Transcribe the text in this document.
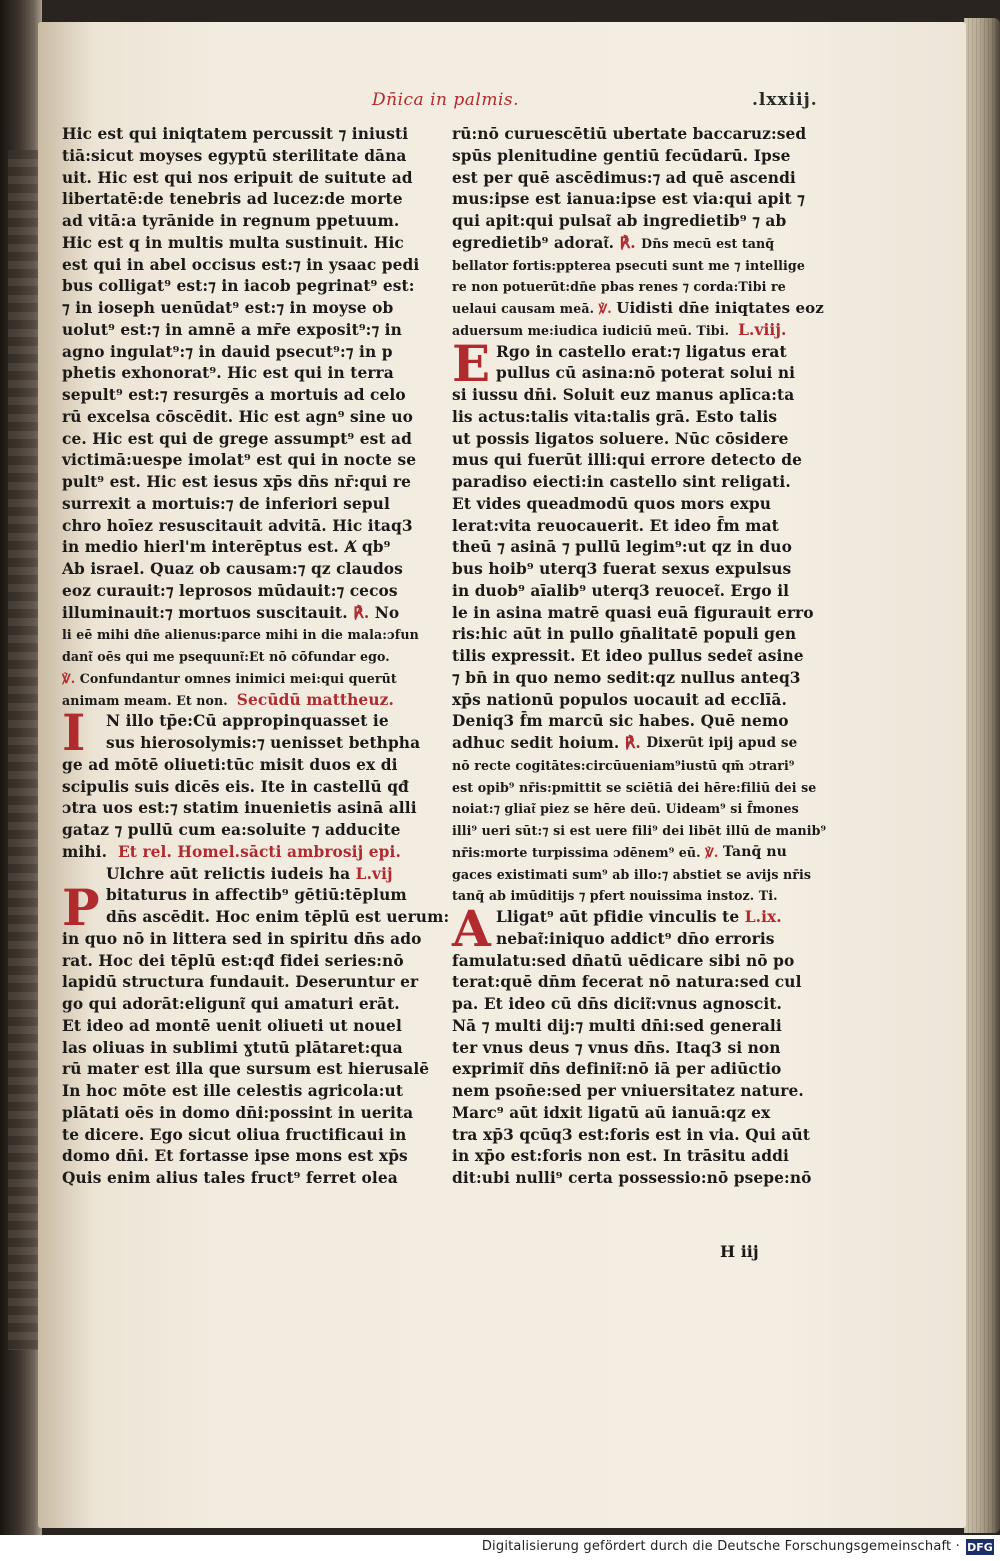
Dn̄ica in palmis.	.lxxiij.
Hic est qui iniqtatem percussit ⁊ iniusti
tiā:sicut moyses egyptū sterilitate dāna
uit. Hic est qui nos eripuit de suitute ad
libertatē:de tenebris ad lucez:de morte
ad vitā:a tyrānide in regnum ppetuum.
Hic est q in multis multa sustinuit. Hic
est qui in abel occisus est:⁊ in ysaac pedi
bus colligat⁹ est:⁊ in iacob pegrinat⁹ est:
⁊ in ioseph uenūdat⁹ est:⁊ in moyse ob
uolut⁹ est:⁊ in amnē a mr̄e exposit⁹:⁊ in
agno ingulat⁹:⁊ in dauid psecut⁹:⁊ in p
phetis exhonorat⁹. Hic est qui in terra
sepult⁹ est:⁊ resurgēs a mortuis ad celo
rū excelsa cōscēdit. Hic est agn⁹ sine uo
ce. Hic est qui de grege assumpt⁹ est ad
victimā:uespe imolat⁹ est qui in nocte se
pult⁹ est. Hic est iesus xp̄s dn̄s nr̄:qui re
surrexit a mortuis:⁊ de inferiori sepul
chro hoīez resuscitauit advitā. Hic itaq3
in medio hierl'm interēptus est. Ⱥ qb⁹
Ab israel. Quaz ob causam:⁊ qz claudos
eoz curauit:⁊ leprosos mūdauit:⁊ cecos
illuminauit:⁊ mortuos suscitauit.
℟.
No
li eē mihi dn̄e alienus:parce mihi in die mala:ɔfun
dant͂ oēs qui me psequunt͂:Et nō cōfundar ego.
℣.
Confundantur omnes inimici mei:qui querūt
animam meam. Et non.
Secūdū mattheuz.
I	N illo tp̄e:Cū appropinquasset ie
sus hierosolymis:⁊ uenisset bethpha
ge ad mōtē oliueti:tūc misit duos ex di
scipulis suis dicēs eis. Ite in castellū qđ
ɔtra uos est:⁊ statim inuenietis asinā alli
gataz ⁊ pullū cum ea:soluite ⁊ adducite
mihi.
Et rel. Homel.sācti ambrosij epi.
P
Ulchre aūt relictis iudeis ha
L.vij
bitaturus in affectib⁹ gētiū:tēplum
dn̄s ascēdit. Hoc enim tēplū est uerum:
in quo nō in littera sed in spiritu dn̄s ado
rat. Hoc dei tēplū est:qđ fidei series:nō
lapidū structura fundauit. Deseruntur er
go qui adorāt:eligunt͂ qui amaturi erāt.
Et ideo ad montē uenit oliueti ut nouel
las oliuas in sublimi ɣtutū plātaret:qua
rū mater est illa que sursum est hierusalē
In hoc mōte est ille celestis agricola:ut
plātati oēs in domo dn̄i:possint in uerita
te dicere. Ego sicut oliua fructificaui in
domo dn̄i. Et fortasse ipse mons est xp̄s
Quis enim alius tales fruct⁹ ferret olea
rū:nō curuescētiū ubertate baccaruz:sed
spūs plenitudine gentiū fecūdarū. Ipse
est per quē ascēdimus:⁊ ad quē ascendi
mus:ipse est ianua:ipse est via:qui apit ⁊
qui apit:qui pulsat͂ ab ingredietib⁹ ⁊ ab
egredietib⁹ adorat͂.
℟.
Dn̄s mecū est tanq̄
bellator fortis:ppterea psecuti sunt me ⁊ intellige
re non potuerūt:dn̄e pbas renes ⁊ corda:Tibi re
uelaui causam meā.
℣.
Uidisti dn̄e iniqtates eoz
aduersum me:iudica iudiciū meū. Tibi.
L.viij.
E Rgo in castello erat:⁊ ligatus erat
pullus cū asina:nō poterat solui ni
si iussu dn̄i. Soluit euz manus aplīca:ta
lis actus:talis vita:talis grā. Esto talis
ut possis ligatos soluere. Nūc cōsidere
mus qui fuerūt illi:qui errore detecto de
paradiso eiecti:in castello sint religati.
Et vides queadmodū quos mors expu
lerat:vita reuocauerit. Et ideo f̄m mat
theū ⁊ asinā ⁊ pullū legim⁹:ut qz in duo
bus hoib⁹ uterq3 fuerat sexus expulsus
in duob⁹ aīalib⁹ uterq3 reuocet͂. Ergo il
le in asina matrē quasi euā figurauit erro
ris:hic aūt in pullo gn̄alitatē populi gen
tilis expressit. Et ideo pullus sedet͂ asine
⁊ bn̄ in quo nemo sedit:qz nullus anteq3
xp̄s nationū populos uocauit ad ecclīā.
Deniq3 f̄m marcū sic habes. Quē nemo
adhuc sedit hoium.
℟.
Dixerūt ipij apud se
nō recte cogitātes:circūueniam⁹iustū qm̄ ɔtrari⁹
est opib⁹ nr̄is:pmittit se sciētiā dei hēre:filiū dei se
noiat:⁊ gliat͂ piez se hēre deū. Uideam⁹ si f̄mones
illi⁹ ueri sūt:⁊ si est uere fili⁹ dei libēt illū de manib⁹
nr̄is:morte turpissima ɔdēnem⁹ eū.
℣.
Tanq̄ nu
gaces existimati sum⁹ ab illo:⁊ abstiet se avijs nr̄is
tanq̄ ab imūditijs ⁊ pfert nouissima instoz. Ti.
A Lligat⁹ aūt pfidie vinculis te
L.ix.
nebat͂:iniquo addict⁹ dn̄o erroris
famulatu:sed dn̄atū uēdicare sibi nō po
terat:quē dn̄m fecerat nō natura:sed cul
pa. Et ideo cū dn̄s dicit͂:vnus agnoscit.
Nā ⁊ multi dij:⁊ multi dn̄i:sed generali
ter vnus deus ⁊ vnus dn̄s. Itaq3 si non
exprimit͂ dn̄s definit͂:nō iā per adiūctio
nem pson̄e:sed per vniuersitatez nature.
Marc⁹ aūt idxit ligatū aū ianuā:qz ex
tra xp̄3 qcūq3 est:foris est in via. Qui aūt
in xp̄o est:foris non est. In trāsitu addi
dit:ubi nulli⁹ certa possessio:nō psepe:nō
H iij
Digitalisierung gefördert durch die Deutsche Forschungsgemeinschaft · DFG
